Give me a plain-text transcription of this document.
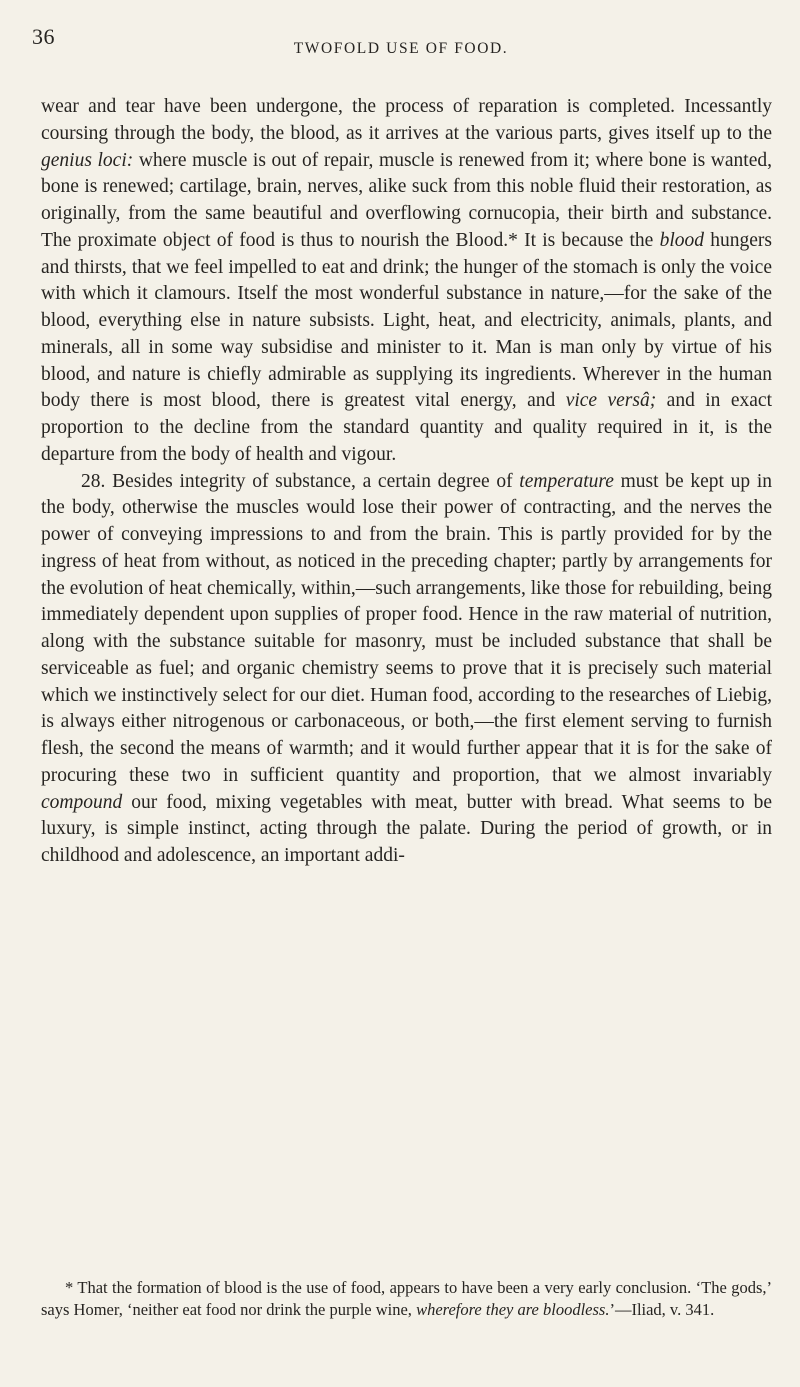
36	TWOFOLD USE OF FOOD.

wear and tear have been undergone, the process of reparation is completed. Incessantly coursing through the body, the blood, as it arrives at the various parts, gives itself up to the genius loci: where muscle is out of repair, muscle is renewed from it; where bone is wanted, bone is renewed; cartilage, brain, nerves, alike suck from this noble fluid their restoration, as originally, from the same beautiful and overflowing cornucopia, their birth and substance. The proximate object of food is thus to nourish the Blood.* It is because the blood hungers and thirsts, that we feel impelled to eat and drink; the hunger of the stomach is only the voice with which it clamours. Itself the most wonderful substance in nature,—for the sake of the blood, everything else in nature subsists. Light, heat, and electricity, animals, plants, and minerals, all in some way subsidise and minister to it. Man is man only by virtue of his blood, and nature is chiefly admirable as supplying its ingredients. Wherever in the human body there is most blood, there is greatest vital energy, and vice versâ; and in exact proportion to the decline from the standard quantity and quality required in it, is the departure from the body of health and vigour.

28. Besides integrity of substance, a certain degree of temperature must be kept up in the body, otherwise the muscles would lose their power of contracting, and the nerves the power of conveying impressions to and from the brain. This is partly provided for by the ingress of heat from without, as noticed in the preceding chapter; partly by arrangements for the evolution of heat chemically, within,—such arrangements, like those for rebuilding, being immediately dependent upon supplies of proper food. Hence in the raw material of nutrition, along with the substance suitable for masonry, must be included substance that shall be serviceable as fuel; and organic chemistry seems to prove that it is precisely such material which we instinctively select for our diet. Human food, according to the researches of Liebig, is always either nitrogenous or carbonaceous, or both,—the first element serving to furnish flesh, the second the means of warmth; and it would further appear that it is for the sake of procuring these two in sufficient quantity and proportion, that we almost invariably compound our food, mixing vegetables with meat, butter with bread. What seems to be luxury, is simple instinct, acting through the palate. During the period of growth, or in childhood and adolescence, an important addi-

* That the formation of blood is the use of food, appears to have been a very early conclusion. ‘The gods,’ says Homer, ‘neither eat food nor drink the purple wine, wherefore they are bloodless.’—Iliad, v. 341.
